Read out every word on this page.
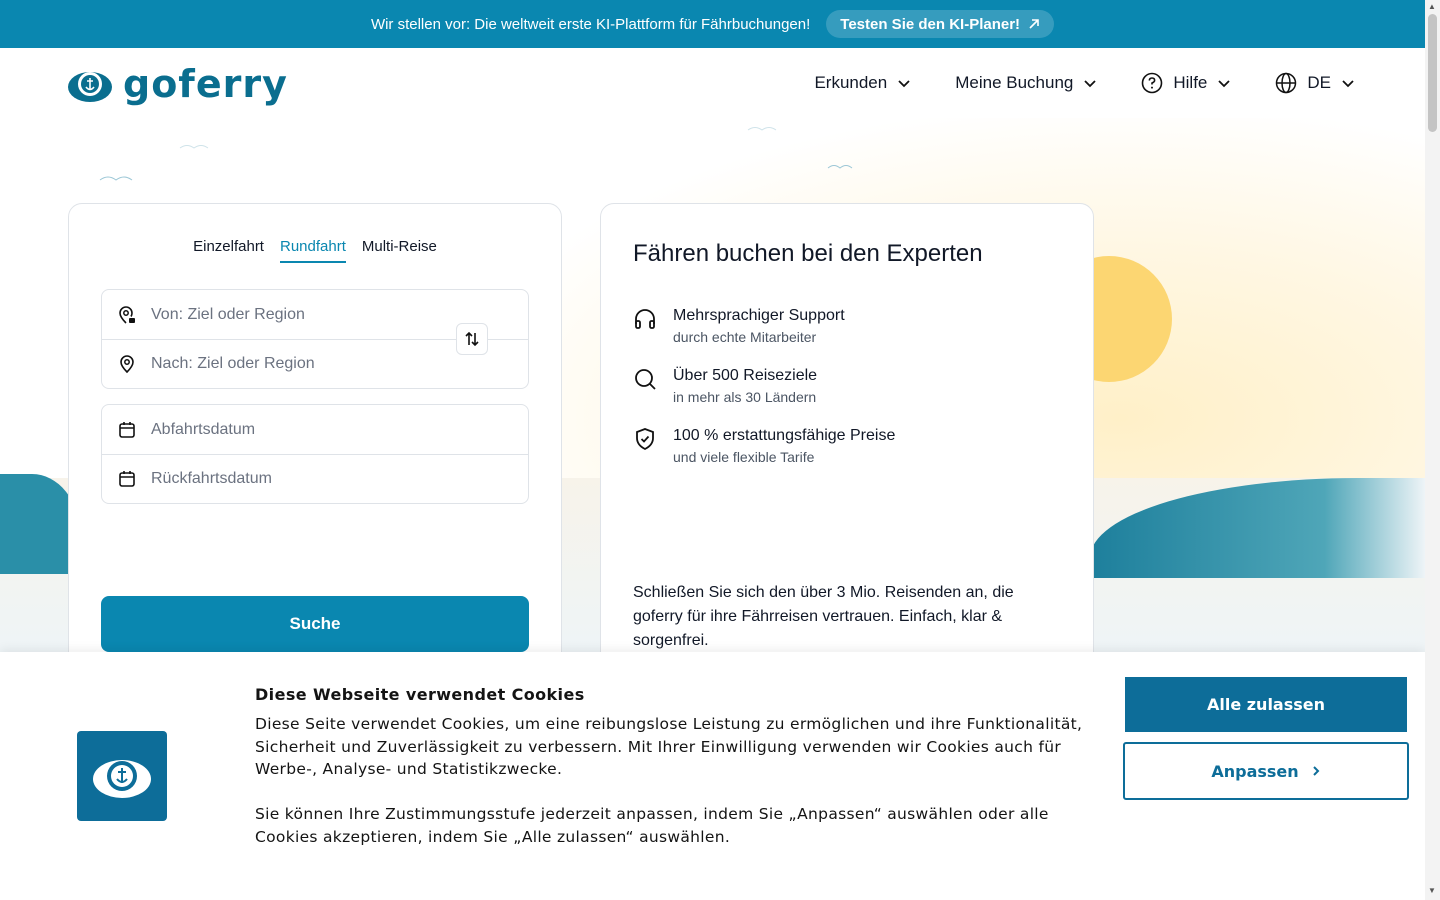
Wir stellen vor: Die weltweit erste KI-Plattform für Fährbuchungen! Testen Sie den KI-Planer!
goferry	Erkunden	Meine Buchung	Hilfe	DE
Einzelfahrt Rundfahrt Multi-Reise
Von: Ziel oder Region
Nach: Ziel oder Region
Abfahrtsdatum
Rückfahrtsdatum
Suche
Fähren buchen bei den Experten
Mehrsprachiger Support
durch echte Mitarbeiter
Über 500 Reiseziele
in mehr als 30 Ländern
100 % erstattungsfähige Preise
und viele flexible Tarife
Schließen Sie sich den über 3 Mio. Reisenden an, die goferry für ihre Fährreisen vertrauen. Einfach, klar & sorgenfrei.
Diese Webseite verwendet Cookies

Diese Seite verwendet Cookies, um eine reibungslose Leistung zu ermöglichen und ihre Funktionalität, Sicherheit und Zuverlässigkeit zu verbessern. Mit Ihrer Einwilligung verwenden wir Cookies auch für Werbe-, Analyse- und Statistikzwecke.

Sie können Ihre Zustimmungsstufe jederzeit anpassen, indem Sie „Anpassen“ auswählen oder alle Cookies akzeptieren, indem Sie „Alle zulassen“ auswählen.

Alle zulassen
Anpassen
▲
▼
